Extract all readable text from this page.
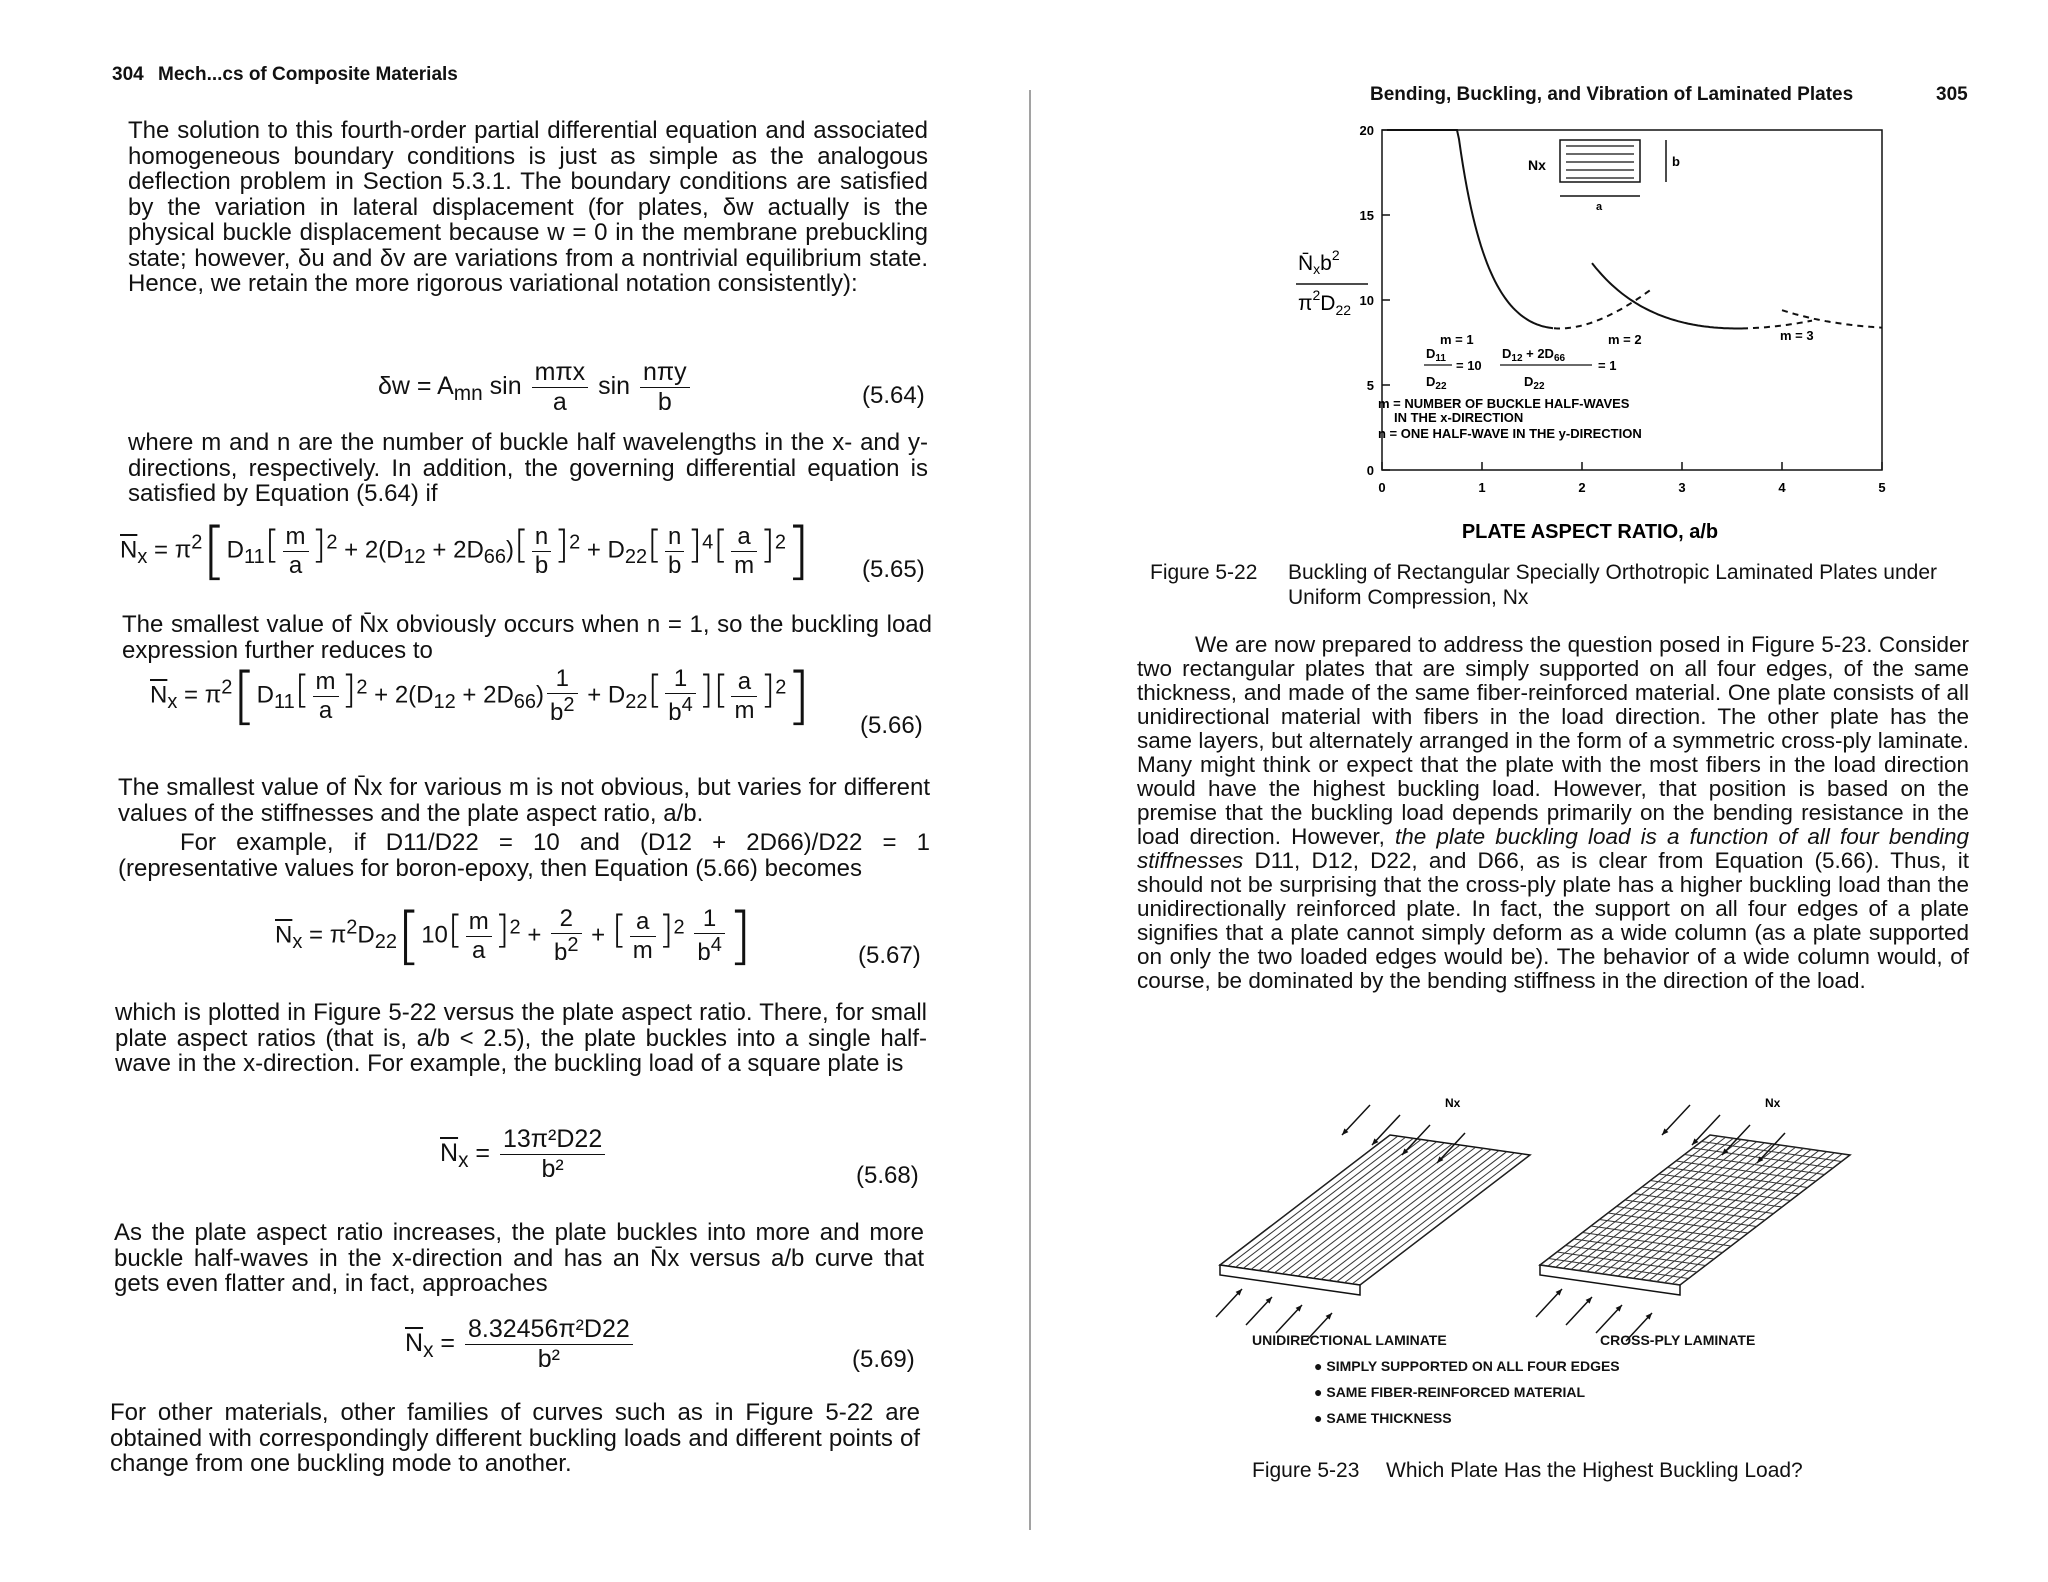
304 Mech...cs of Composite Materials

The solution to this fourth-order partial differential equation and associated homogeneous boundary conditions is just as simple as the analogous deflection problem in Section 5.3.1. The boundary conditions are satisfied by the variation in lateral displacement (for plates, δw actually is the physical buckle displacement because w = 0 in the membrane prebuckling state; however, δu and δv are variations from a nontrivial equilibrium state. Hence, we retain the more rigorous variational notation consistently):

$\delta w = A_{mn}$ $\sin \frac{\text{mπx}}{a}$ $\sin \frac{\text{nπy}}{b}$	(5.64)

where m and n are the number of buckle half wavelengths in the x- and y-directions, respectively. In addition, the governing differential equation is satisfied by Equation (5.64) if

$\overline{N}_x = \pi^2[D_{11}[ \frac{m}{a} ]^2 + 2(D_{12} + 2D_{66})[ \frac{n}{b} ]^2 + D_{22}[ \frac{n}{b} ]^4[ \frac{a}{m} ]^2]$ (5.65)

The smallest value of N̄x obviously occurs when n = 1, so the buckling load expression further reduces to

$\overline{N}_x = \pi^2[D_{11}[ \frac{m}{a} ]^2 + 2(D_{12} + 2D_{66}) \frac{1}{b^2} + D_{22}[ \frac{1}{b^4}$ ][ $\frac{a}{m} ]^2$] (5.66)

The smallest value of N̄x for various m is not obvious, but varies for different values of the stiffnesses and the plate aspect ratio, a/b.

For example, if D11/D22 = 10 and (D12 + 2D66)/D22 = 1 (representative values for boron-epoxy, then Equation (5.66) becomes

$\overline{N}_x = \pi^2D_{22}[10[ \frac{m}{a} ]^2 + \frac{2}{b^2}$ + [ $\frac{a}{m} ]^2 \frac{1}{b^4}$ ]	(5.67)

which is plotted in Figure 5-22 versus the plate aspect ratio. There, for small plate aspect ratios (that is, a/b < 2.5), the plate buckles into a single half-wave in the x-direction. For example, the buckling load of a square plate is

$\overline{N}_x = \frac{\text{13π²D22}}{\text{b²}}$	(5.68)

As the plate aspect ratio increases, the plate buckles into more and more buckle half-waves in the x-direction and has an N̄x versus a/b curve that gets even flatter and, in fact, approaches

$\overline{N}_x = \frac{\text{8.32456π²D22}}{\text{b²}}$	(5.69)

For other materials, other families of curves such as in Figure 5-22 are obtained with correspondingly different buckling loads and different points of change from one buckling mode to another.

Bending, Buckling, and Vibration of Laminated Plates	305
0	1	2	3	4	5
0
5
10
15
20
Nx	b
a
$N̄xb^2$
$\pi^2D_{22}$
PLATE ASPECT RATIO, a/b
m = 1	m = 2	m = 3
$D_{11} = 10$
$D_{22}$
$D_{12} + 2D_{66}$	= 1
$D_{22}$
m = NUMBER OF BUCKLE HALF-WAVES
IN THE x-DIRECTION
n = ONE HALF-WAVE IN THE y-DIRECTION
Figure 5-22 Buckling of Rectangular Specially Orthotropic Laminated Plates under Uniform Compression, Nx

We are now prepared to address the question posed in Figure 5-23. Consider two rectangular plates that are simply supported on all four edges, of the same thickness, and made of the same fiber-reinforced material. One plate consists of all unidirectional material with fibers in the load direction. The other plate has the same layers, but alternately arranged in the form of a symmetric cross-ply laminate. Many might think or expect that the plate with the most fibers in the load direction would have the highest buckling load. However, that position is based on the premise that the buckling load depends primarily on the bending resistance in the load direction. However, the plate buckling load is a function of all four bending stiffnesses D11, D12, D22, and D66, as is clear from Equation (5.66). Thus, it should not be surprising that the cross-ply plate has a higher buckling load than the unidirectionally reinforced plate. In fact, the support on all four edges of a plate signifies that a plate cannot simply deform as a wide column (as a plate supported on only the two loaded edges would be). The behavior of a wide column would, of course, be dominated by the bending stiffness in the direction of the load.

Nx	Nx
UNIDIRECTIONAL LAMINATE	CROSS-PLY LAMINATE
● SIMPLY SUPPORTED ON ALL FOUR EDGES
● SAME FIBER-REINFORCED MATERIAL
● SAME THICKNESS
Figure 5-23 Which Plate Has the Highest Buckling Load?
